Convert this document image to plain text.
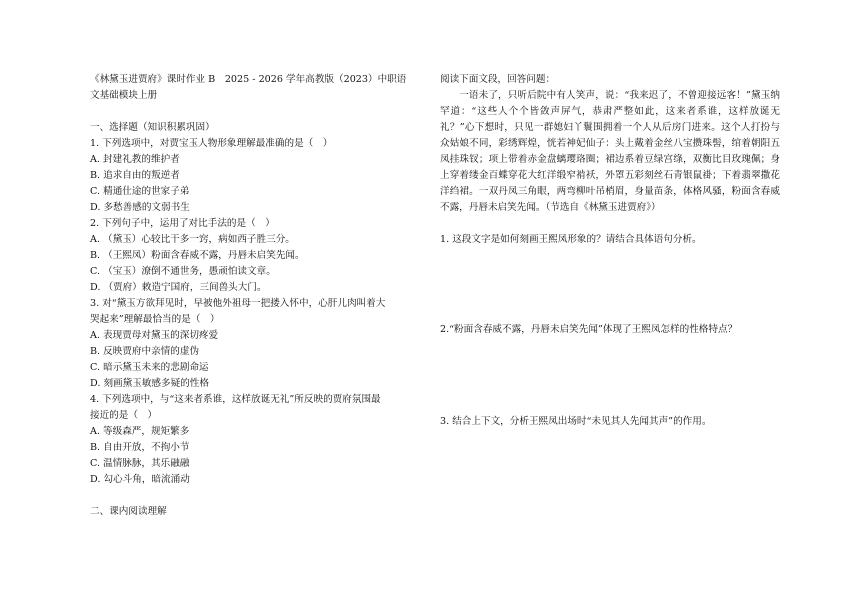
《林黛玉进贾府》课时作业 B　2025 - 2026 学年高教版（2023）中职语
文基础模块上册
一、选择题（知识积累巩固）
1. 下列选项中，对贾宝玉人物形象理解最准确的是（　）
A. 封建礼教的维护者
B. 追求自由的叛逆者
C. 精通仕途的世家子弟
D. 多愁善感的文弱书生
2. 下列句子中，运用了对比手法的是（　）
A. （黛玉）心较比干多一窍，病如西子胜三分。
B. （王熙凤）粉面含春威不露，丹唇未启笑先闻。
C. （宝玉）潦倒不通世务，愚顽怕读文章。
D. （贾府）敕造宁国府，三间兽头大门。
3. 对“黛玉方欲拜见时，早被他外祖母一把搂入怀中，心肝儿肉叫着大
哭起来”理解最恰当的是（　）
A. 表现贾母对黛玉的深切疼爱
B. 反映贾府中亲情的虚伪
C. 暗示黛玉未来的悲剧命运
D. 刻画黛玉敏感多疑的性格
4. 下列选项中，与“这来者系谁，这样放诞无礼”所反映的贾府氛围最
接近的是（　）
A. 等级森严，规矩繁多
B. 自由开放，不拘小节
C. 温情脉脉，其乐融融
D. 勾心斗角，暗流涌动
二、课内阅读理解
阅读下面文段，回答问题：
一语未了，只听后院中有人笑声，说：“我来迟了，不曾迎接远客！”黛玉纳罕道：“这些人个个皆敛声屏气，恭肃严整如此，这来者系谁，这样放诞无礼？”心下想时，只见一群媳妇丫鬟围拥着一个人从后房门进来。这个人打扮与众姑娘不同，彩绣辉煌，恍若神妃仙子：头上戴着金丝八宝攒珠髻，绾着朝阳五凤挂珠钗；项上带着赤金盘螭璎珞圈；裙边系着豆绿宫绦，双衡比目玫瑰佩；身上穿着缕金百蝶穿花大红洋缎窄褃袄，外罩五彩刻丝石青银鼠褂；下着翡翠撒花洋绉裙。一双丹凤三角眼，两弯柳叶吊梢眉，身量苗条，体格风骚，粉面含春威不露，丹唇未启笑先闻。（节选自《林黛玉进贾府》）
1. 这段文字是如何刻画王熙凤形象的？请结合具体语句分析。
2.“粉面含春威不露，丹唇未启笑先闻”体现了王熙凤怎样的性格特点？
3. 结合上下文，分析王熙凤出场时“未见其人先闻其声”的作用。
